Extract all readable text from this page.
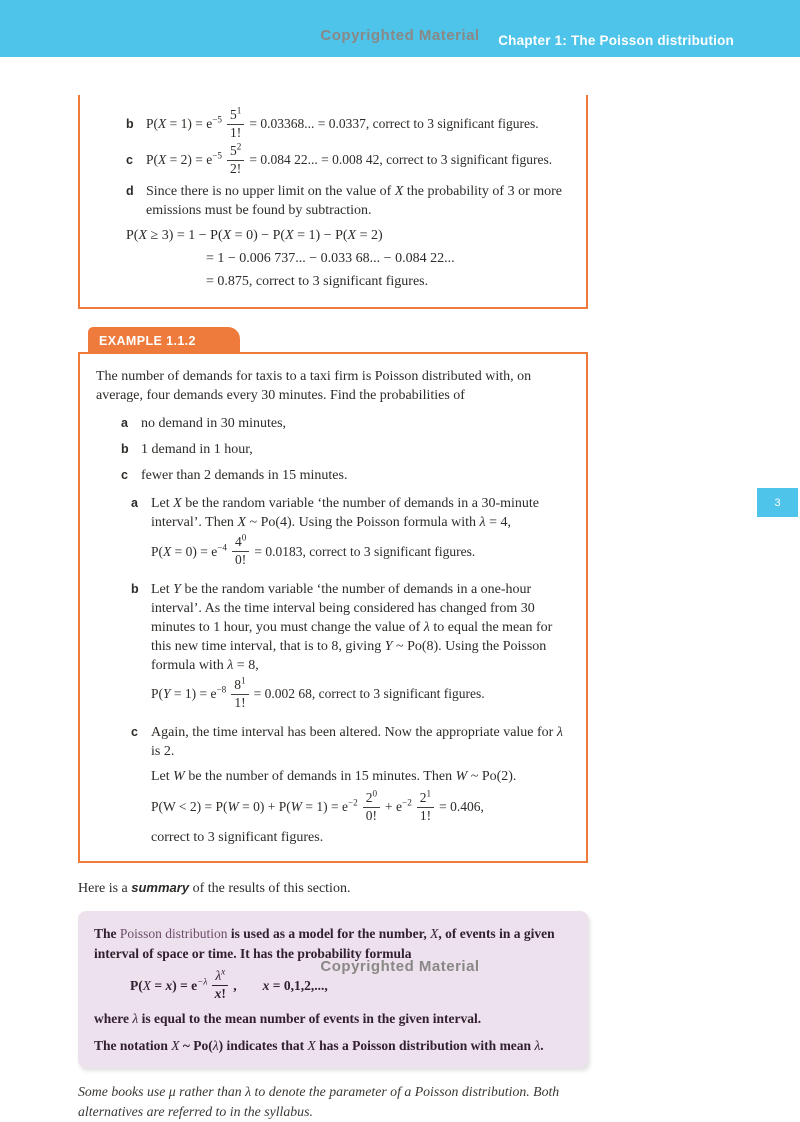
Copyrighted Material	Chapter 1: The Poisson distribution
3
b $P(X = 1) = e^{-5} \frac{5^1}{1!} = 0.03368$... = 0.0337, correct to 3 significant figures.
c $P(X = 2) = e^{-5} \frac{5^2}{2!} = 0.084$ 22... = 0.008 42, correct to 3 significant figures.
d Since there is no upper limit on the value of X the probability of 3 or more emissions must be found by subtraction.
P(X ≥ 3) = 1 − P(X = 0) − P(X = 1) − P(X = 2)
= 1 − 0.006 737... − 0.033 68... − 0.084 22...
= 0.875, correct to 3 significant figures.
EXAMPLE 1.1.2
The number of demands for taxis to a taxi firm is Poisson distributed with, on average, four demands every 30 minutes. Find the probabilities of
a no demand in 30 minutes,
b 1 demand in 1 hour,
c fewer than 2 demands in 15 minutes.
a Let X be the random variable ‘the number of demands in a 30-minute interval’. Then X ~ Po(4). Using the Poisson formula with λ = 4,
$P(X = 0) = e^{-4} \frac{4^0}{0!} = 0.0183$, correct to 3 significant figures.
b Let Y be the random variable ‘the number of demands in a one-hour interval’. As the time interval being considered has changed from 30 minutes to 1 hour, you must change the value of λ to equal the mean for this new time interval, that is to 8, giving Y ~ Po(8). Using the Poisson formula with λ = 8,
$P(Y = 1) = e^{-8} \frac{8^1}{1!} = 0.002$ 68, correct to 3 significant figures.
c Again, the time interval has been altered. Now the appropriate value for λ is 2.
Let W be the number of demands in 15 minutes. Then W ~ Po(2).
$P(W < 2) = P(W = 0) + P(W = 1) = e^{-2} \frac{2^0}{0!} + e^{-2} \frac{2^1}{1!} = 0.406$,
correct to 3 significant figures.
Here is a summary of the results of this section.
The Poisson distribution is used as a model for the number, X, of events in a given interval of space or time. It has the probability formula
$P(X = x) = e^{-\lambda} \frac{\lambda^x}{x!}$ , x = 0,1,2,...,
where λ is equal to the mean number of events in the given interval.
The notation X ~ Po(λ) indicates that X has a Poisson distribution with mean λ.
Some books use μ rather than λ to denote the parameter of a Poisson distribution. Both alternatives are referred to in the syllabus.
Copyrighted Material
